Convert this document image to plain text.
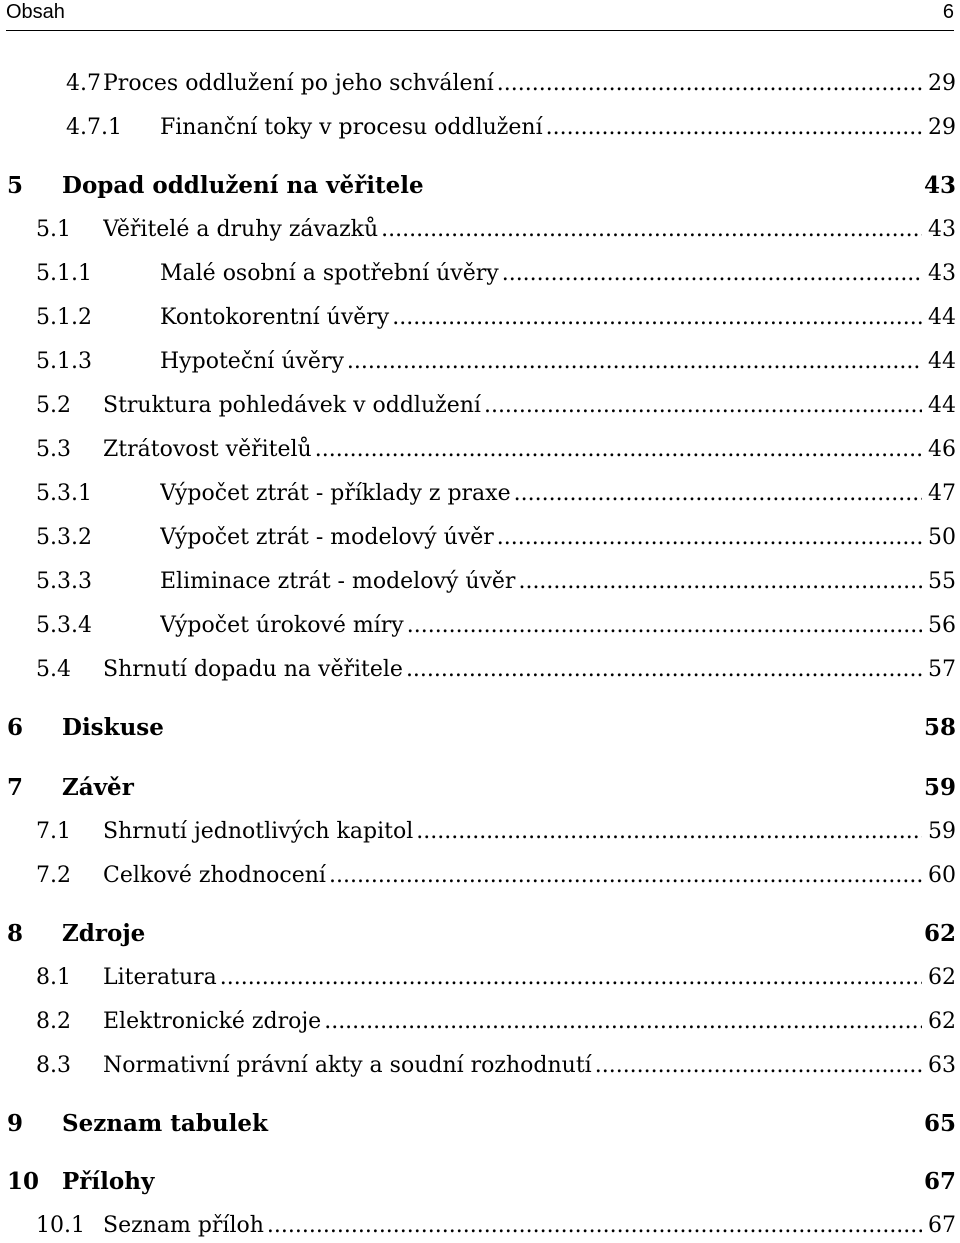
Obsah	6
4.7 Proces oddlužení po jeho schválení .....	29
4.7.1 Finanční toky v procesu oddlužení .....	29
5 Dopad oddlužení na věřitele	43
5.1 Věřitelé a druhy závazků .....	43
5.1.1	Malé osobní a spotřební úvěry .....	43
5.1.2	Kontokorentní úvěry .....	44
5.1.3	Hypoteční úvěry .....	44
5.2 Struktura pohledávek v oddlužení .....	44
5.3 Ztrátovost věřitelů .....	46
5.3.1	Výpočet ztrát - příklady z praxe .....	47
5.3.2	Výpočet ztrát - modelový úvěr .....	50
5.3.3	Eliminace ztrát - modelový úvěr .....	55
5.3.4	Výpočet úrokové míry .....	56
5.4 Shrnutí dopadu na věřitele .....	57
6 Diskuse	58
7 Závěr	59
7.1 Shrnutí jednotlivých kapitol .....	59
7.2 Celkové zhodnocení .....	60
8 Zdroje	62
8.1 Literatura .....	62
8.2 Elektronické zdroje .....	62
8.3 Normativní právní akty a soudní rozhodnutí .....	63
9 Seznam tabulek	65
10 Přílohy	67
10.1 Seznam příloh .....	67
